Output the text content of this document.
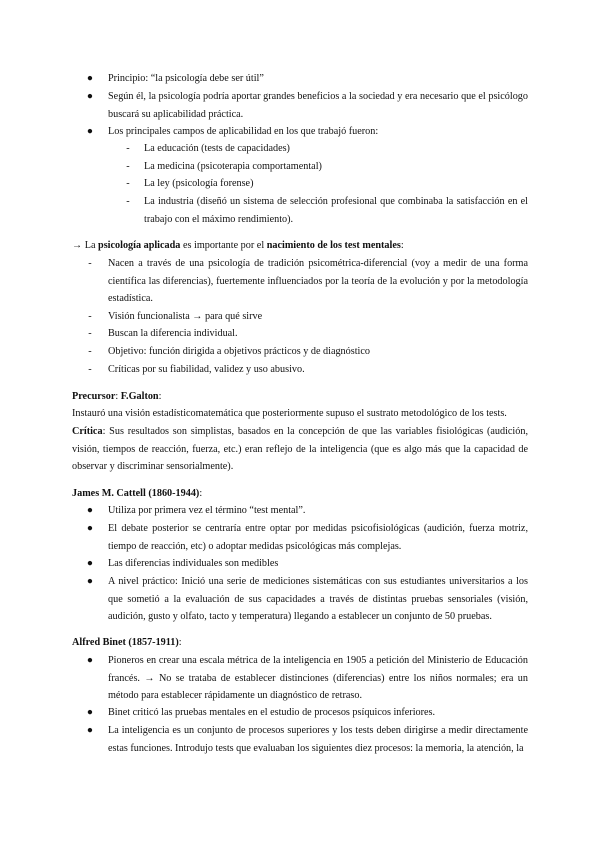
● Principio: “la psicología debe ser útil”
● Según él, la psicología podría aportar grandes beneficios a la sociedad y era necesario que el psicólogo buscará su aplicabilidad práctica.
● Los principales campos de aplicabilidad en los que trabajó fueron:
- La educación (tests de capacidades)
- La medicina (psicoterapia comportamental)
- La ley (psicología forense)
- La industria (diseñó un sistema de selección profesional que combinaba la satisfacción en el trabajo con el máximo rendimiento).
→ La psicología aplicada es importante por el nacimiento de los test mentales:
- Nacen a través de una psicología de tradición psicométrica-diferencial (voy a medir de una forma científica las diferencias), fuertemente influenciados por la teoría de la evolución y por la metodología estadística.
- Visión funcionalista → para qué sirve
- Buscan la diferencia individual.
- Objetivo: función dirigida a objetivos prácticos y de diagnóstico
- Críticas por su fiabilidad, validez y uso abusivo.
Precursor: F.Galton:
Instauró una visión estadísticomatemática que posteriormente supuso el sustrato metodológico de los tests.
Crítica: Sus resultados son simplistas, basados en la concepción de que las variables fisiológicas (audición, visión, tiempos de reacción, fuerza, etc.) eran reflejo de la inteligencia (que es algo más que la capacidad de observar y discriminar sensorialmente).
James M. Cattell (1860-1944):
● Utiliza por primera vez el término “test mental”.
● El debate posterior se centraría entre optar por medidas psicofisiológicas (audición, fuerza motriz, tiempo de reacción, etc) o adoptar medidas psicológicas más complejas.
● Las diferencias individuales son medibles
● A nivel práctico: Inició una serie de mediciones sistemáticas con sus estudiantes universitarios a los que sometió a la evaluación de sus capacidades a través de distintas pruebas sensoriales (visión, audición, gusto y olfato, tacto y temperatura) llegando a establecer un conjunto de 50 pruebas.
Alfred Binet (1857-1911):
● Pioneros en crear una escala métrica de la inteligencia en 1905 a petición del Ministerio de Educación francés. → No se trataba de establecer distinciones (diferencias) entre los niños normales; era un método para establecer rápidamente un diagnóstico de retraso.
● Binet criticó las pruebas mentales en el estudio de procesos psíquicos inferiores.
● La inteligencia es un conjunto de procesos superiores y los tests deben dirigirse a medir directamente estas funciones. Introdujo tests que evaluaban los siguientes diez procesos: la memoria, la atención, la
